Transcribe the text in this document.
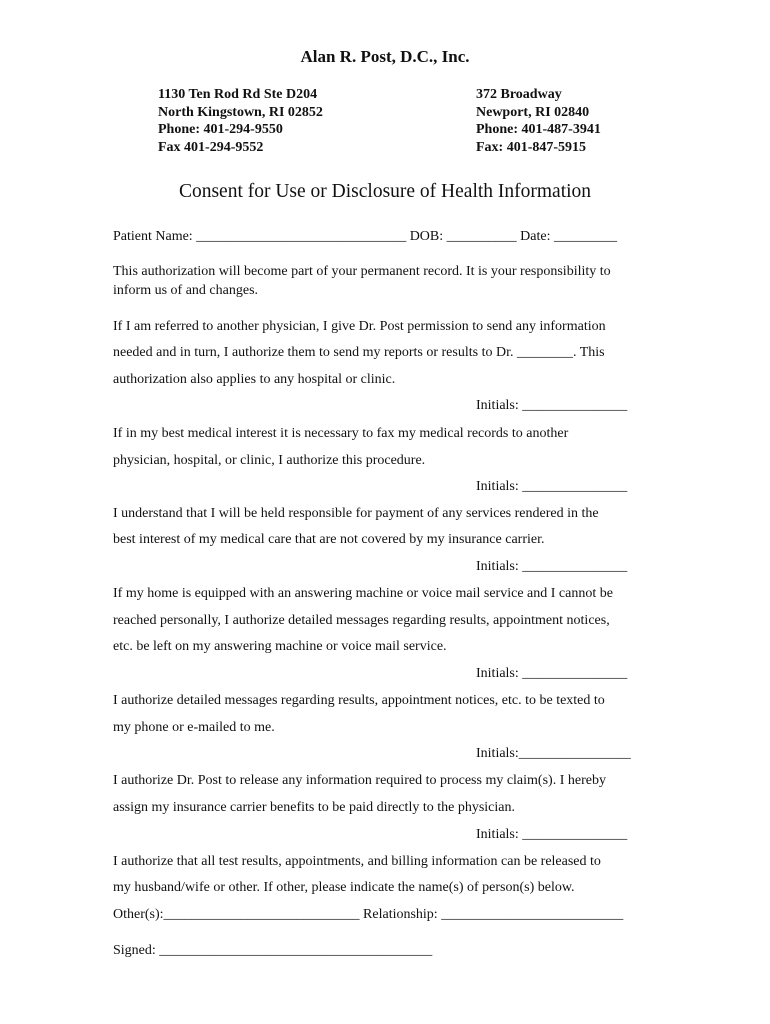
Alan R. Post, D.C., Inc.
1130 Ten Rod Rd Ste D204
North Kingstown, RI 02852
Phone: 401-294-9550
Fax 401-294-9552
372 Broadway
Newport, RI 02840
Phone: 401-487-3941
Fax: 401-847-5915
Consent for Use or Disclosure of Health Information
Patient Name: ______________________________ DOB: __________ Date: _________
This authorization will become part of your permanent record. It is your responsibility to
inform us of and changes.
If I am referred to another physician, I give Dr. Post permission to send any information
needed and in turn, I authorize them to send my reports or results to Dr. ________. This
authorization also applies to any hospital or clinic.
Initials: _______________
If in my best medical interest it is necessary to fax my medical records to another
physician, hospital, or clinic, I authorize this procedure.
Initials: _______________
I understand that I will be held responsible for payment of any services rendered in the
best interest of my medical care that are not covered by my insurance carrier.
Initials: _______________
If my home is equipped with an answering machine or voice mail service and I cannot be
reached personally, I authorize detailed messages regarding results, appointment notices,
etc. be left on my answering machine or voice mail service.
Initials: _______________
I authorize detailed messages regarding results, appointment notices, etc. to be texted to
my phone or e-mailed to me.
Initials:________________
I authorize Dr. Post to release any information required to process my claim(s). I hereby
assign my insurance carrier benefits to be paid directly to the physician.
Initials: _______________
I authorize that all test results, appointments, and billing information can be released to
my husband/wife or other. If other, please indicate the name(s) of person(s) below.
Other(s):____________________________ Relationship: __________________________
Signed: _______________________________________
